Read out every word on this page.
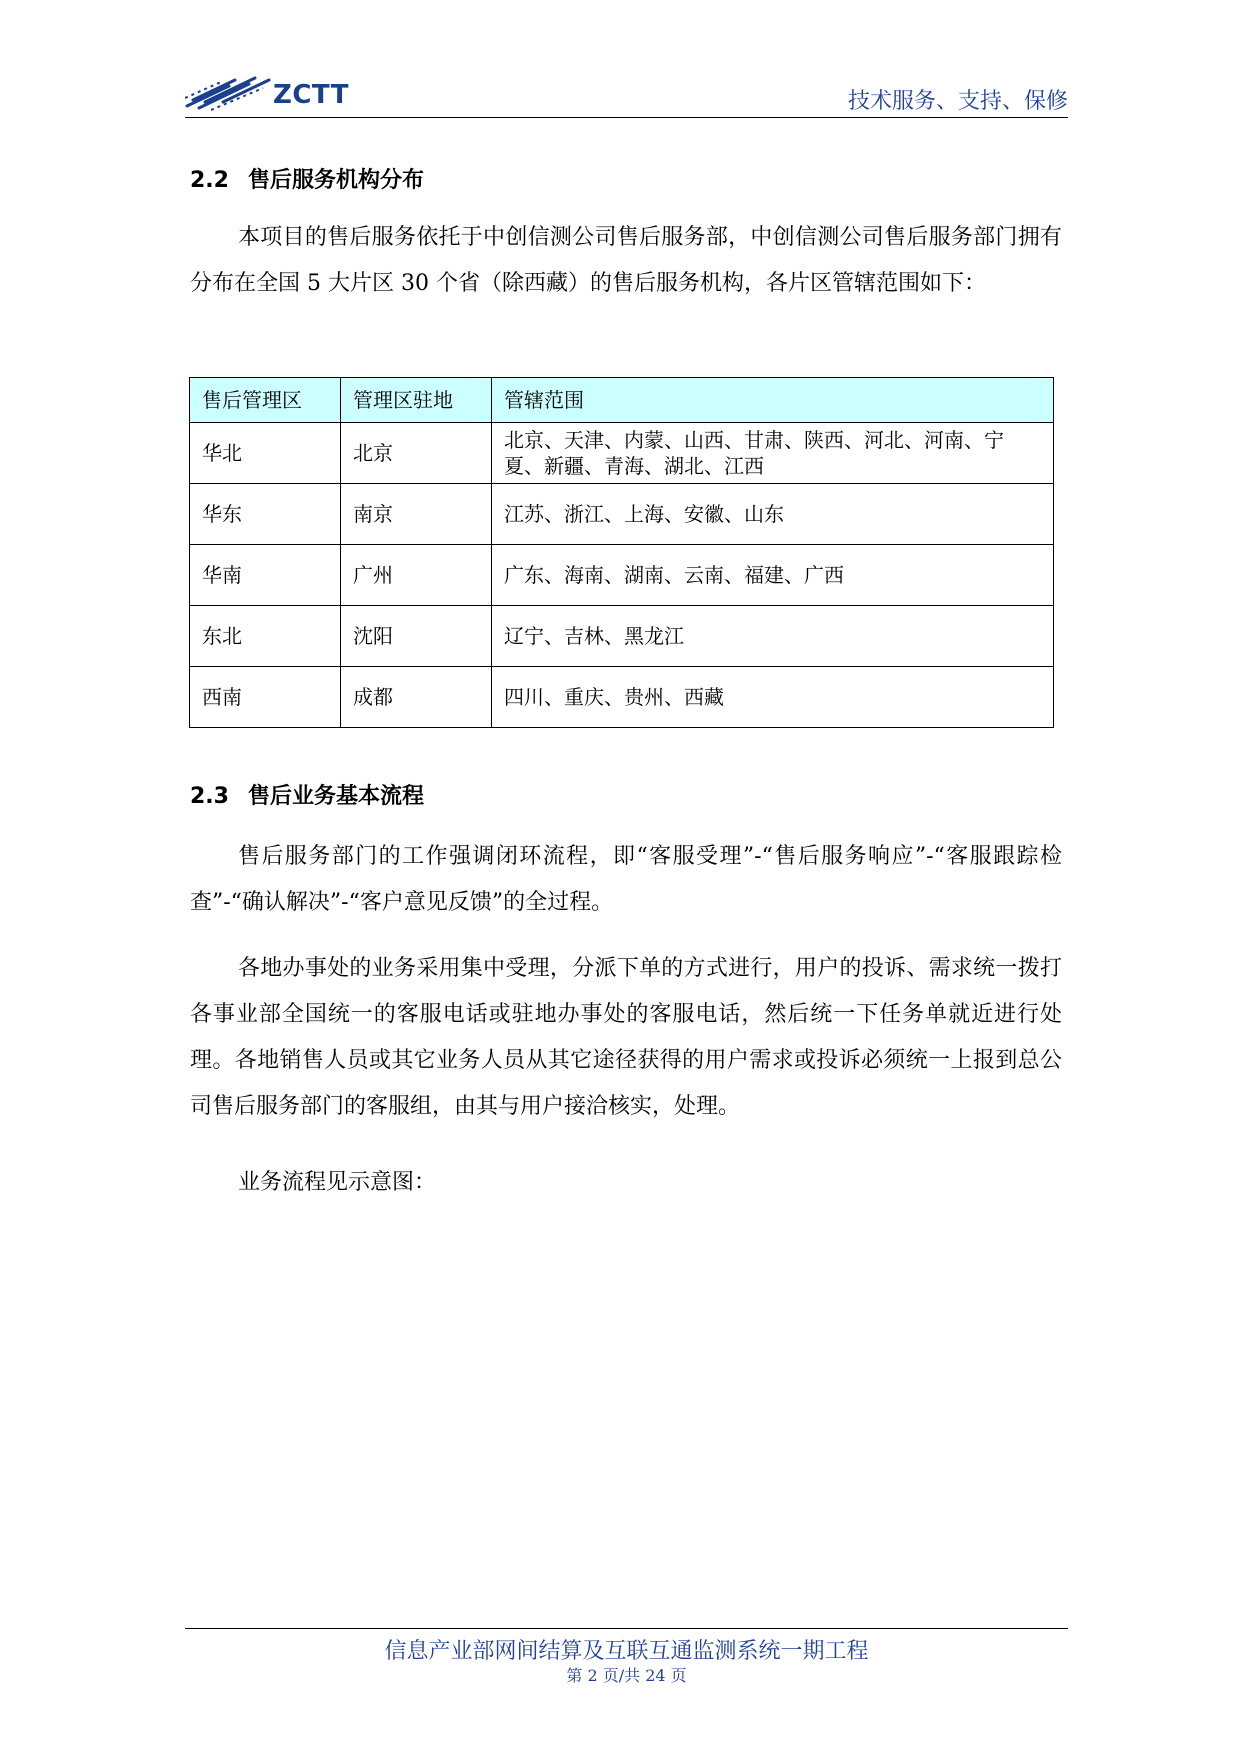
ZCTT	技术服务、支持、保修
2.2 售后服务机构分布
本项目的售后服务依托于中创信测公司售后服务部，中创信测公司售后服务部门拥有分布在全国 5 大片区 30 个省（除西藏）的售后服务机构，各片区管辖范围如下：
售后管理区	管理区驻地	管辖范围
华北	北京	北京、天津、内蒙、山西、甘肃、陕西、河北、河南、宁夏、新疆、青海、湖北、江西
华东	南京	江苏、浙江、上海、安徽、山东
华南	广州	广东、海南、湖南、云南、福建、广西
东北	沈阳	辽宁、吉林、黑龙江
西南	成都	四川、重庆、贵州、西藏
2.3 售后业务基本流程
售后服务部门的工作强调闭环流程，即“客服受理”-“售后服务响应”-“客服跟踪检查”-“确认解决”-“客户意见反馈”的全过程。
各地办事处的业务采用集中受理，分派下单的方式进行，用户的投诉、需求统一拨打各事业部全国统一的客服电话或驻地办事处的客服电话，然后统一下任务单就近进行处理。各地销售人员或其它业务人员从其它途径获得的用户需求或投诉必须统一上报到总公司售后服务部门的客服组，由其与用户接洽核实，处理。
业务流程见示意图：
信息产业部网间结算及互联互通监测系统一期工程
第 2 页/共 24 页
